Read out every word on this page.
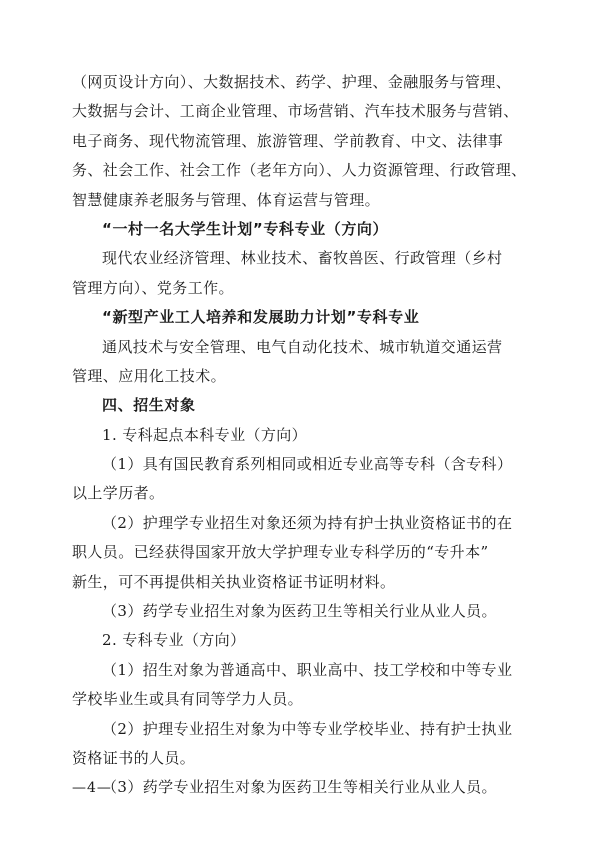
（网页设计方向）、大数据技术、药学、护理、金融服务与管理、
大数据与会计、工商企业管理、市场营销、汽车技术服务与营销、
电子商务、现代物流管理、旅游管理、学前教育、中文、法律事
务、社会工作、社会工作（老年方向）、人力资源管理、行政管理、
智慧健康养老服务与管理、体育运营与管理。
“一村一名大学生计划”专科专业（方向）
现代农业经济管理、林业技术、畜牧兽医、行政管理（乡村
管理方向）、党务工作。
“新型产业工人培养和发展助力计划”专科专业
通风技术与安全管理、电气自动化技术、城市轨道交通运营
管理、应用化工技术。
四、招生对象
1. 专科起点本科专业（方向）
（1）具有国民教育系列相同或相近专业高等专科（含专科）
以上学历者。
（2）护理学专业招生对象还须为持有护士执业资格证书的在
职人员。已经获得国家开放大学护理专业专科学历的“专升本”
新生，可不再提供相关执业资格证书证明材料。
（3）药学专业招生对象为医药卫生等相关行业从业人员。
2. 专科专业（方向）
（1）招生对象为普通高中、职业高中、技工学校和中等专业
学校毕业生或具有同等学力人员。
（2）护理专业招生对象为中等专业学校毕业、持有护士执业
资格证书的人员。
（3）药学专业招生对象为医药卫生等相关行业从业人员。
—4—
